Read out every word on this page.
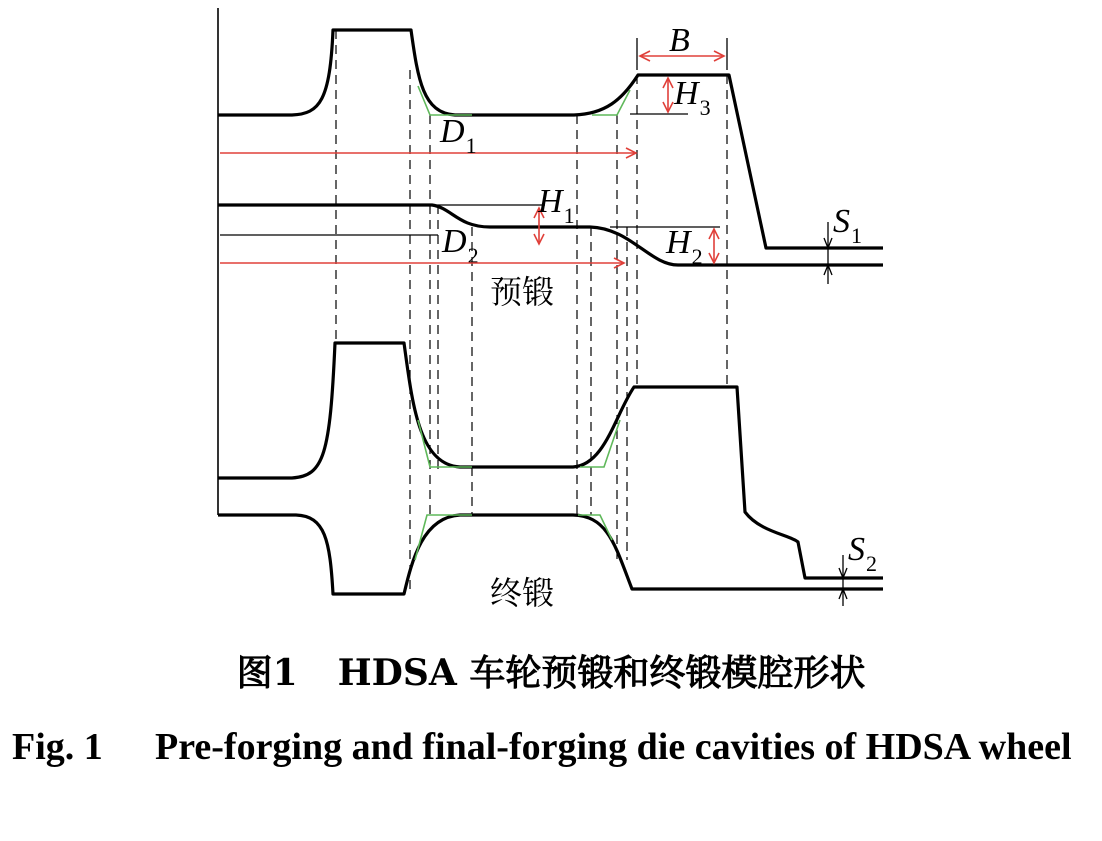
B
H3
D1
H1
D2	H2
S1
S2
预锻
终锻
图1 HDSA 车轮预锻和终锻模腔形状
Fig. 1 Pre-forging and final-forging die cavities of HDSA wheel
